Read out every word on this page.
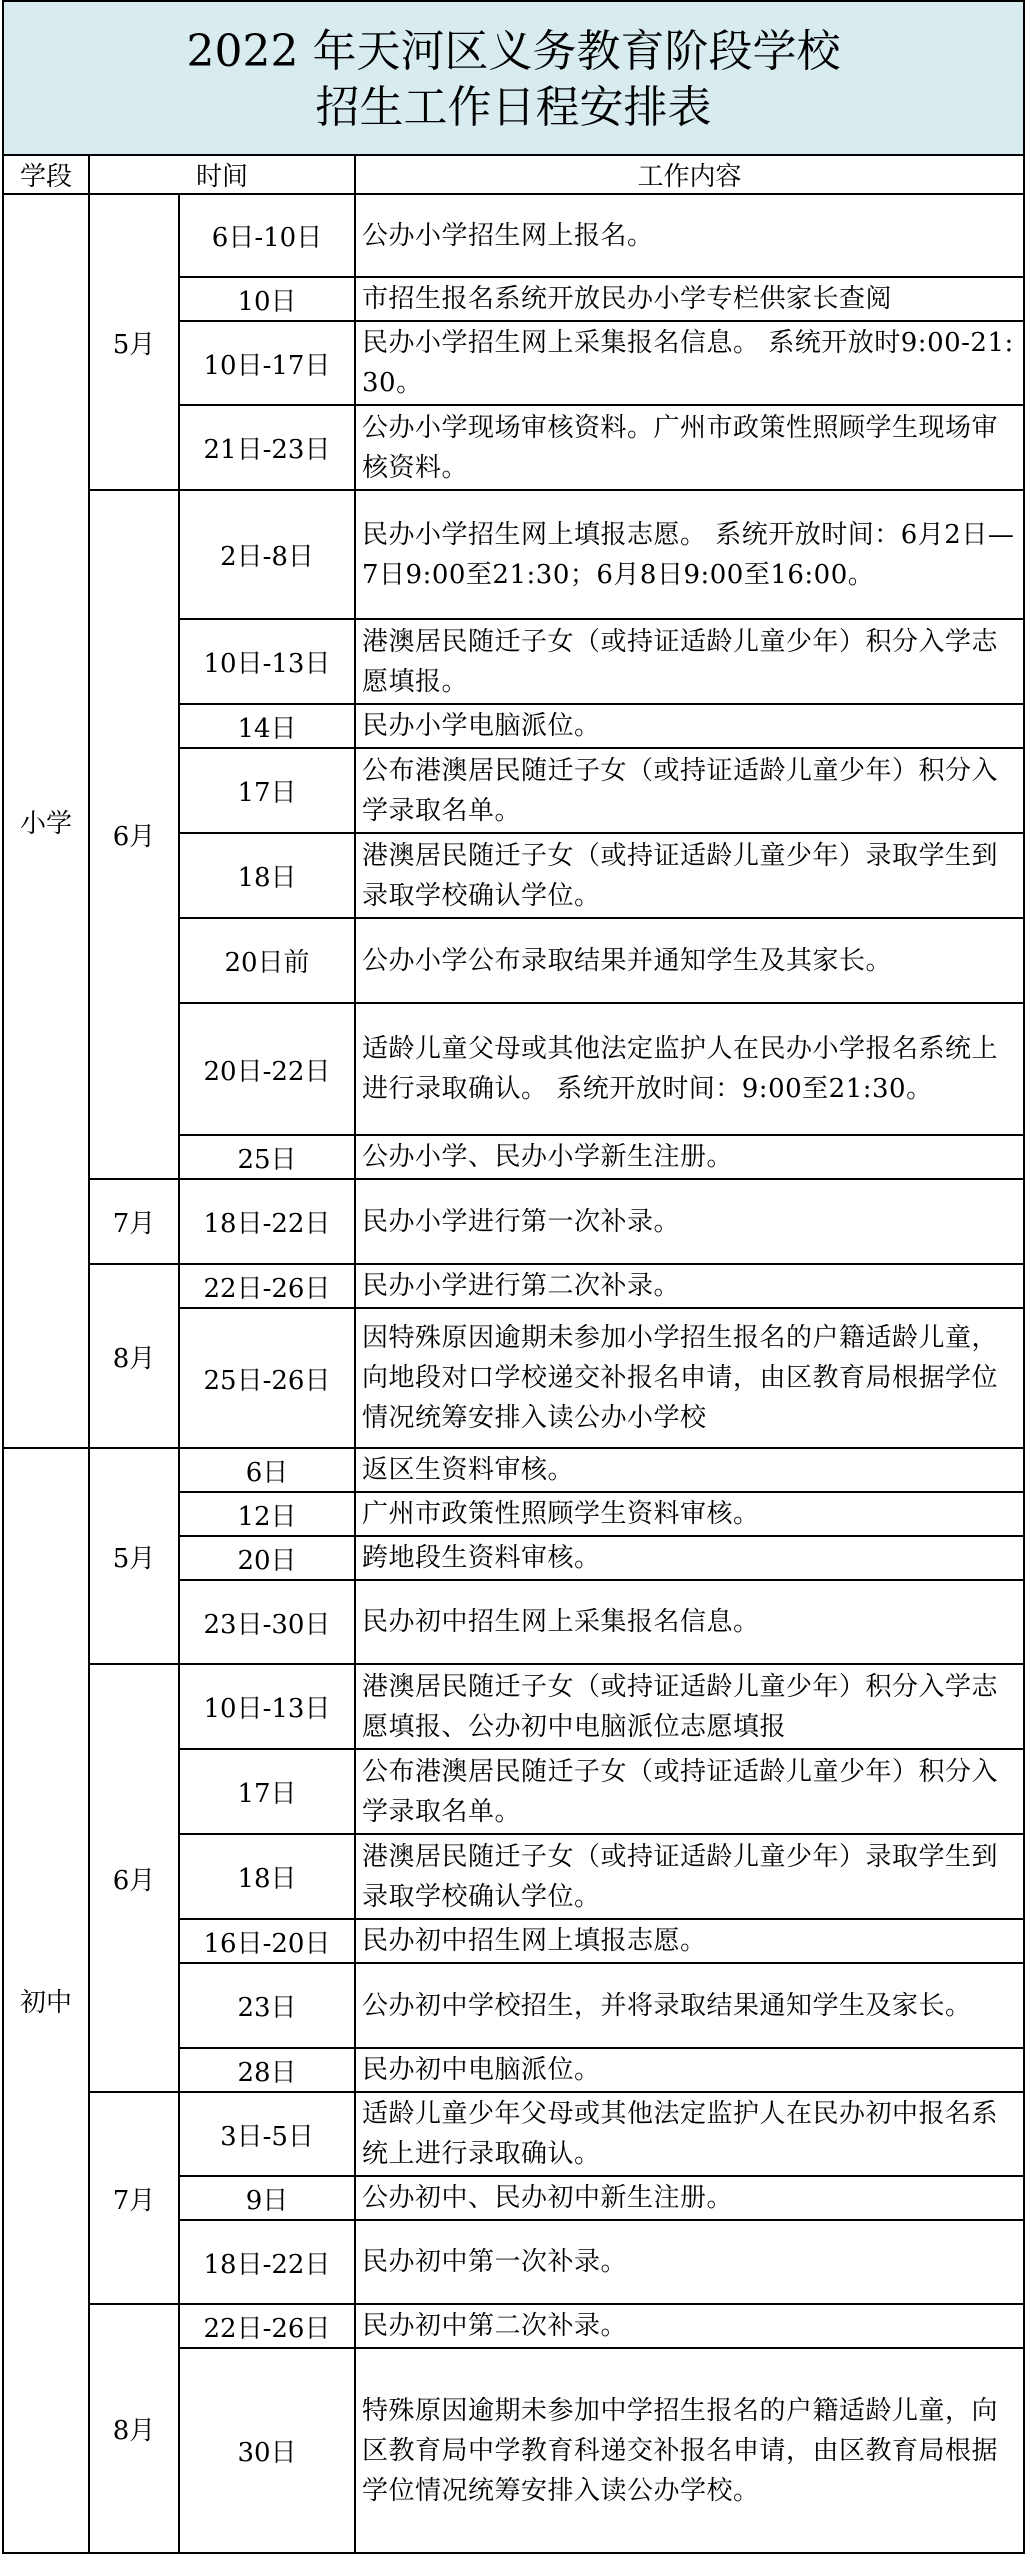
2022 年天河区义务教育阶段学校
招生工作日程安排表			

学段	时间		工作内容
小学	5月	6日-10日	公办小学招生网上报名。
		10日	市招生报名系统开放民办小学专栏供家长查阅
		10日-17日	民办小学招生网上采集报名信息。 系统开放时9:00-21:30。
		21日-23日	公办小学现场审核资料。广州市政策性照顾学生现场审核资料。
	6月	2日-8日	民办小学招生网上填报志愿。 系统开放时间：6月2日—7日9:00至21:30；6月8日9:00至16:00。
		10日-13日	港澳居民随迁子女（或持证适龄儿童少年）积分入学志愿填报。
		14日	民办小学电脑派位。
		17日	公布港澳居民随迁子女（或持证适龄儿童少年）积分入学录取名单。
		18日	港澳居民随迁子女（或持证适龄儿童少年）录取学生到录取学校确认学位。
		20日前	公办小学公布录取结果并通知学生及其家长。
		20日-22日	适龄儿童父母或其他法定监护人在民办小学报名系统上进行录取确认。 系统开放时间：9:00至21:30。
		25日	公办小学、民办小学新生注册。
	7月	18日-22日	民办小学进行第一次补录。
	8月	22日-26日	民办小学进行第二次补录。
		25日-26日	因特殊原因逾期未参加小学招生报名的户籍适龄儿童，向地段对口学校递交补报名申请，由区教育局根据学位情况统筹安排入读公办小学校
初中	5月	6日	返区生资料审核。
		12日	广州市政策性照顾学生资料审核。
		20日	跨地段生资料审核。
		23日-30日	民办初中招生网上采集报名信息。
	6月	10日-13日	港澳居民随迁子女（或持证适龄儿童少年）积分入学志愿填报、公办初中电脑派位志愿填报
		17日	公布港澳居民随迁子女（或持证适龄儿童少年）积分入学录取名单。
		18日	港澳居民随迁子女（或持证适龄儿童少年）录取学生到录取学校确认学位。
		16日-20日	民办初中招生网上填报志愿。
		23日	公办初中学校招生，并将录取结果通知学生及家长。
		28日	民办初中电脑派位。
	7月	3日-5日	适龄儿童少年父母或其他法定监护人在民办初中报名系统上进行录取确认。
		9日	公办初中、民办初中新生注册。
		18日-22日	民办初中第一次补录。
	8月	22日-26日	民办初中第二次补录。
		30日	特殊原因逾期未参加中学招生报名的户籍适龄儿童，向区教育局中学教育科递交补报名申请，由区教育局根据学位情况统筹安排入读公办学校。
